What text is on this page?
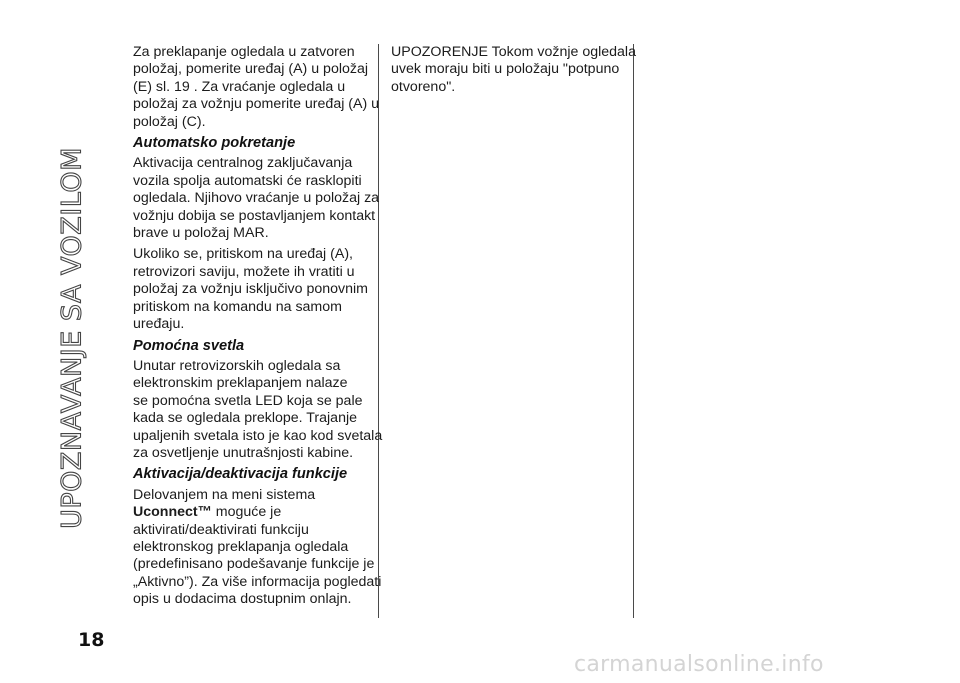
UPOZNAVANJE SA VOZILOM

Za preklapanje ogledala u zatvoren
položaj, pomerite uređaj (A) u položaj
(E) sl. 19 . Za vraćanje ogledala u
položaj za vožnju pomerite uređaj (A) u
položaj (C).

Automatsko pokretanje

Aktivacija centralnog zaključavanja
vozila spolja automatski će rasklopiti
ogledala. Njihovo vraćanje u položaj za
vožnju dobija se postavljanjem kontakt
brave u položaj MAR.

Ukoliko se, pritiskom na uređaj (A),
retrovizori saviju, možete ih vratiti u
položaj za vožnju isključivo ponovnim
pritiskom na komandu na samom
uređaju.

Pomoćna svetla

Unutar retrovizorskih ogledala sa
elektronskim preklapanjem nalaze
se pomoćna svetla LED koja se pale
kada se ogledala preklope. Trajanje
upaljenih svetala isto je kao kod svetala
za osvetljenje unutrašnjosti kabine.

Aktivacija/deaktivacija funkcije

Delovanjem na meni sistema
Uconnect™ moguće je
aktivirati/deaktivirati funkciju
elektronskog preklapanja ogledala
(predefinisano podešavanje funkcije je
„Aktivno”). Za više informacija pogledati
opis u dodacima dostupnim onlajn.

UPOZORENJE Tokom vožnje ogledala
uvek moraju biti u položaju "potpuno
otvoreno".

18
carmanualsonline.info
